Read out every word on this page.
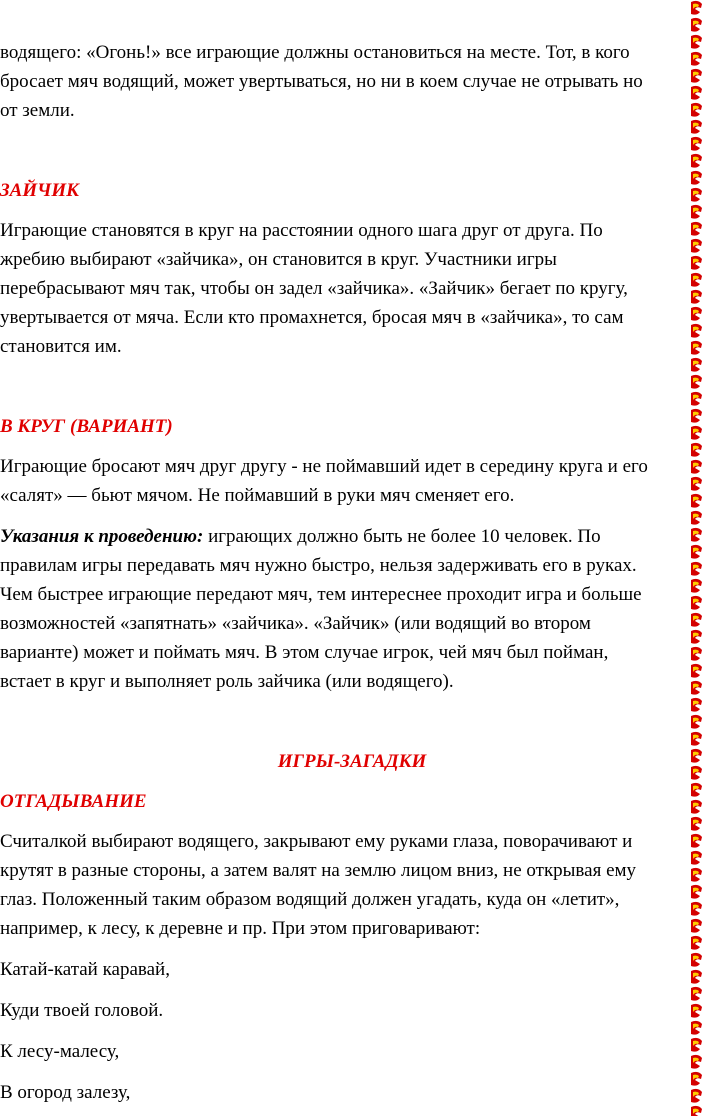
водящего: «Огонь!» все играющие должны остановиться на месте. Тот, в кого

бросает мяч водящий, может увертываться, но ни в коем случае не отрывать но

от земли.

ЗАЙЧИК

Играющие становятся в круг на расстоянии одного шага друг от друга. По

жребию выбирают «зайчика», он становится в круг. Участники игры

перебрасывают мяч так, чтобы он задел «зайчика». «Зайчик» бегает по кругу,

увертывается от мяча. Если кто промахнется, бросая мяч в «зайчика», то сам

становится им.

В КРУГ (ВАРИАНТ)

Играющие бросают мяч друг другу - не поймавший идет в середину круга и его

«салят» — бьют мячом. Не поймавший в руки мяч сменяет его.

Указания к проведению: играющих должно быть не более 10 человек. По

правилам игры передавать мяч нужно быстро, нельзя задерживать его в руках.

Чем быстрее играющие передают мяч, тем интереснее проходит игра и больше

возможностей «запятнать» «зайчика». «Зайчик» (или водящий во втором

варианте) может и поймать мяч. В этом случае игрок, чей мяч был пойман,

встает в круг и выполняет роль зайчика (или водящего).

ИГРЫ-ЗАГАДКИ

ОТГАДЫВАНИЕ

Считалкой выбирают водящего, закрывают ему руками глаза, поворачивают и

крутят в разные стороны, а затем валят на землю лицом вниз, не открывая ему

глаз. Положенный таким образом водящий должен угадать, куда он «летит»,

например, к лесу, к деревне и пр. При этом приговаривают:

Катай-катай каравай,

Куди твоей головой.

К лесу-малесу,

В огород залезу,
